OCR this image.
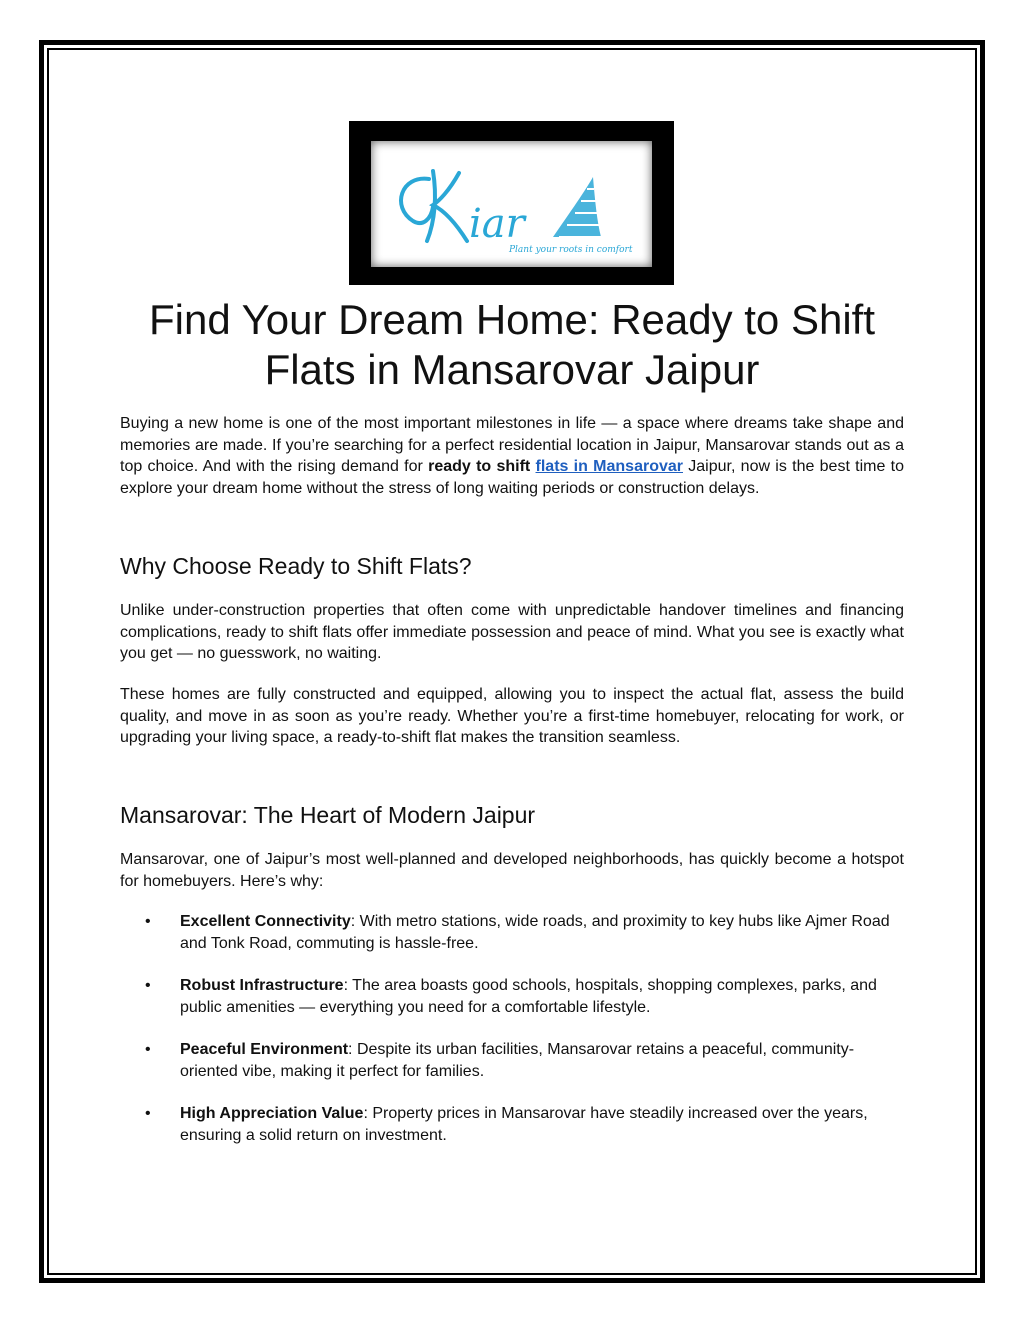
iar
Plant your roots in comfort
Find Your Dream Home: Ready to Shift Flats in Mansarovar Jaipur

Buying a new home is one of the most important milestones in life — a space where dreams take shape and memories are made. If you’re searching for a perfect residential location in Jaipur, Mansarovar stands out as a top choice. And with the rising demand for ready to shift flats in Mansarovar Jaipur, now is the best time to explore your dream home without the stress of long waiting periods or construction delays.

Why Choose Ready to Shift Flats?

Unlike under-construction properties that often come with unpredictable handover timelines and financing complications, ready to shift flats offer immediate possession and peace of mind. What you see is exactly what you get — no guesswork, no waiting.

These homes are fully constructed and equipped, allowing you to inspect the actual flat, assess the build quality, and move in as soon as you’re ready. Whether you’re a first-time homebuyer, relocating for work, or upgrading your living space, a ready-to-shift flat makes the transition seamless.

Mansarovar: The Heart of Modern Jaipur

Mansarovar, one of Jaipur’s most well-planned and developed neighborhoods, has quickly become a hotspot for homebuyers. Here’s why:

• Excellent Connectivity: With metro stations, wide roads, and proximity to key hubs like Ajmer Road and Tonk Road, commuting is hassle-free.
• Robust Infrastructure: The area boasts good schools, hospitals, shopping complexes, parks, and public amenities — everything you need for a comfortable lifestyle.
• Peaceful Environment: Despite its urban facilities, Mansarovar retains a peaceful, community-oriented vibe, making it perfect for families.
• High Appreciation Value: Property prices in Mansarovar have steadily increased over the years, ensuring a solid return on investment.
